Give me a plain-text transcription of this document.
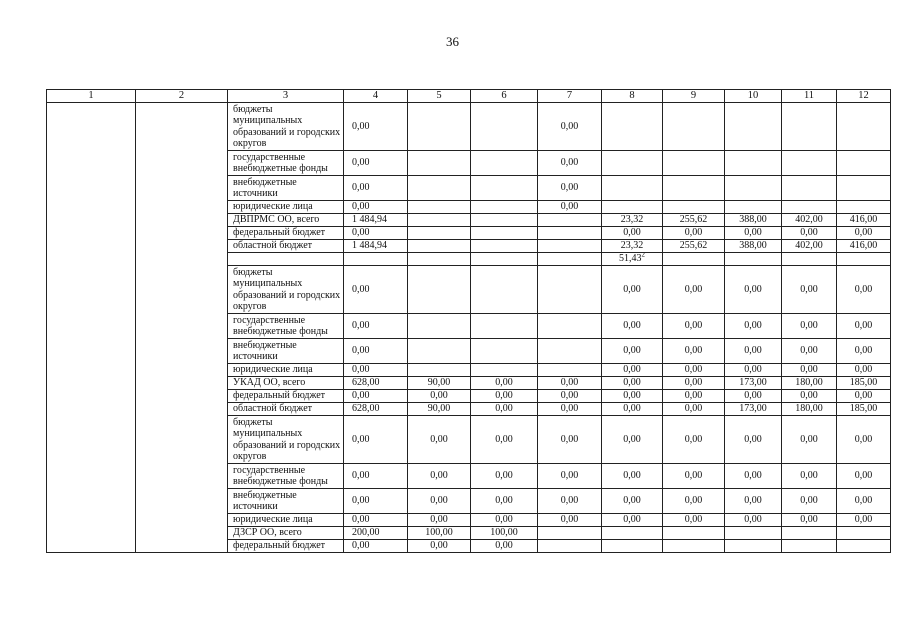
36
1	2	3	4	5	6	7	8	9	10	11	12
		бюджеты муниципальных образований и городских округов	0,00			0,00					
		государственные внебюджетные фонды	0,00			0,00					
		внебюджетные источники	0,00			0,00					
		юридические лица	0,00			0,00					
		ДВПРМС ОО, всего	1 484,94				23,32	255,62	388,00	402,00	416,00
		федеральный бюджет	0,00				0,00	0,00	0,00	0,00	0,00
		областной бюджет	1 484,94				23,32	255,62	388,00	402,00	416,00
							51,43$^2$				
		бюджеты муниципальных образований и городских округов	0,00				0,00	0,00	0,00	0,00	0,00
		государственные внебюджетные фонды	0,00				0,00	0,00	0,00	0,00	0,00
		внебюджетные источники	0,00				0,00	0,00	0,00	0,00	0,00
		юридические лица	0,00				0,00	0,00	0,00	0,00	0,00
		УКАД ОО, всего	628,00	90,00	0,00	0,00	0,00	0,00	173,00	180,00	185,00
		федеральный бюджет	0,00	0,00	0,00	0,00	0,00	0,00	0,00	0,00	0,00
		областной бюджет	628,00	90,00	0,00	0,00	0,00	0,00	173,00	180,00	185,00
		бюджеты муниципальных образований и городских округов	0,00	0,00	0,00	0,00	0,00	0,00	0,00	0,00	0,00
		государственные внебюджетные фонды	0,00	0,00	0,00	0,00	0,00	0,00	0,00	0,00	0,00
		внебюджетные источники	0,00	0,00	0,00	0,00	0,00	0,00	0,00	0,00	0,00
		юридические лица	0,00	0,00	0,00	0,00	0,00	0,00	0,00	0,00	0,00
		ДЗСР ОО, всего	200,00	100,00	100,00						
		федеральный бюджет	0,00	0,00	0,00						
